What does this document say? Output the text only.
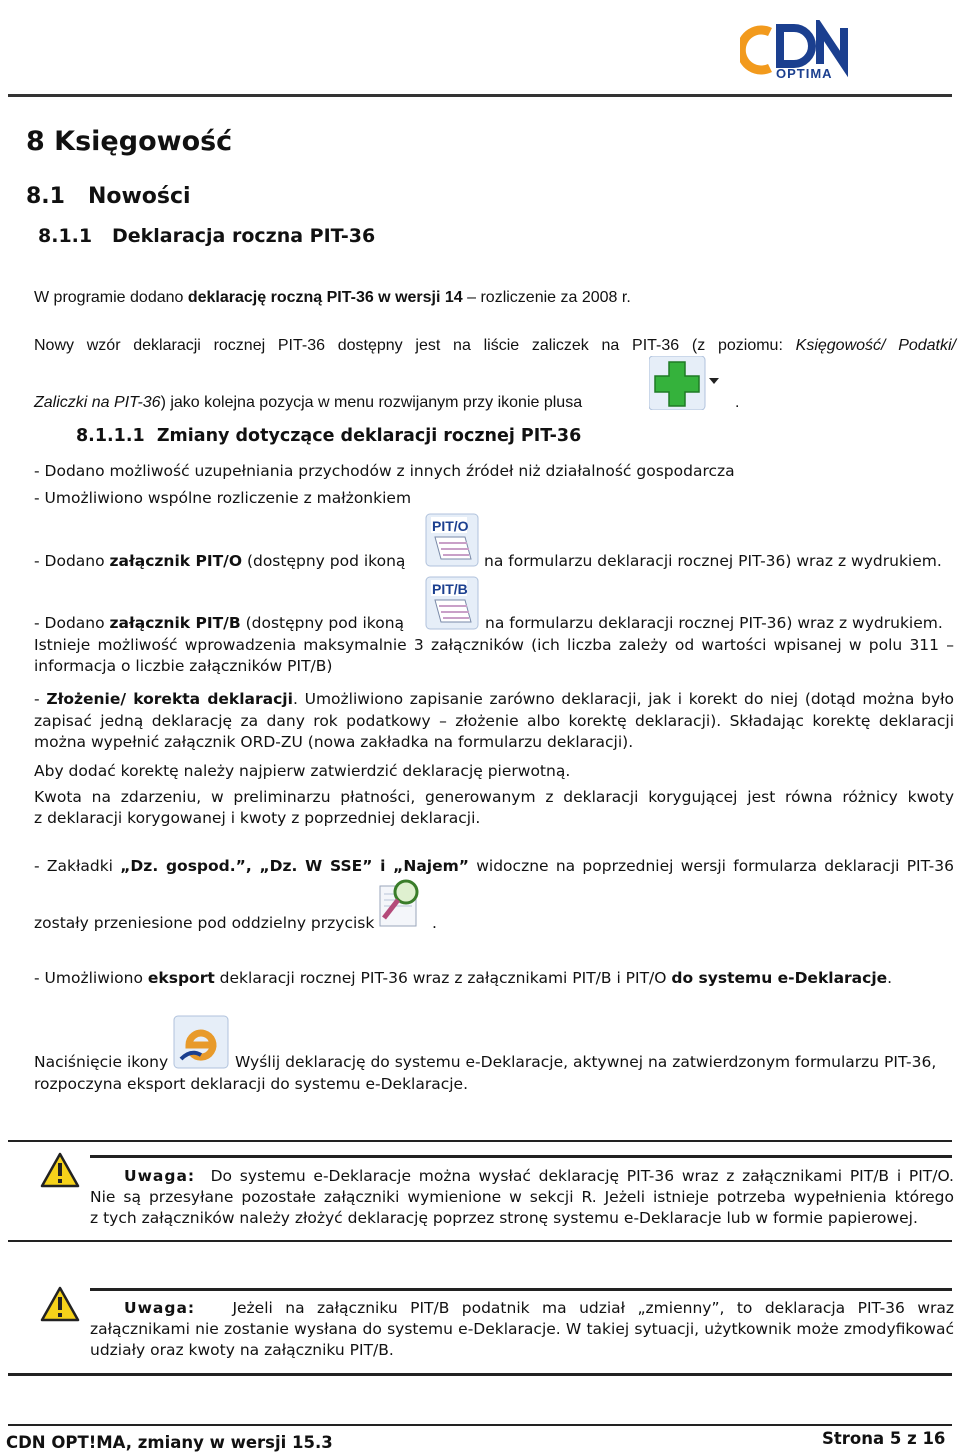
OPTIMA
8 Księgowość
8.1   Nowości
8.1.1   Deklaracja roczna PIT-36
W programie dodano deklarację roczną PIT-36 w wersji 14 – rozliczenie za 2008 r.
Nowy wzór deklaracji rocznej PIT-36 dostępny jest na liście zaliczek na PIT-36 (z poziomu: Księgowość/ Podatki/
Zaliczki na PIT-36) jako kolejna pozycja w menu rozwijanym przy ikonie plusa	.
8.1.1.1  Zmiany dotyczące deklaracji rocznej PIT-36
- Dodano możliwość uzupełniania przychodów z innych źródeł niż działalność gospodarcza
- Umożliwiono wspólne rozliczenie z małżonkiem
- Dodano załącznik PIT/O (dostępny pod ikoną
PIT/O
na formularzu deklaracji rocznej PIT-36) wraz z wydrukiem.
- Dodano załącznik PIT/B (dostępny pod ikoną
PIT/B
na formularzu deklaracji rocznej PIT-36) wraz z wydrukiem.
Istnieje możliwość wprowadzenia maksymalnie 3 załączników (ich liczba zależy od wartości wpisanej w polu 311 –
informacja o liczbie załączników PIT/B)
- Złożenie/ korekta deklaracji. Umożliwiono zapisanie zarówno deklaracji, jak i korekt do niej (dotąd można było
zapisać jedną deklarację za dany rok podatkowy – złożenie albo korektę deklaracji). Składając korektę deklaracji
można wypełnić załącznik ORD-ZU (nowa zakładka na formularzu deklaracji).
Aby dodać korektę należy najpierw zatwierdzić deklarację pierwotną.
Kwota na zdarzeniu, w preliminarzu płatności, generowanym z deklaracji korygującej jest równa różnicy kwoty
z deklaracji korygowanej i kwoty z poprzedniej deklaracji.
- Zakładki „Dz. gospod.”, „Dz. W SSE” i „Najem” widoczne na poprzedniej wersji formularza deklaracji PIT-36
zostały przeniesione pod oddzielny przycisk	.
- Umożliwiono eksport deklaracji rocznej PIT-36 wraz z załącznikami PIT/B i PIT/O do systemu e-Deklaracje.
Naciśnięcie ikony	Wyślij deklarację do systemu e-Deklaracje, aktywnej na zatwierdzonym formularzu PIT-36,
rozpoczyna eksport deklaracji do systemu e-Deklaracje.
Uwaga: Do systemu e-Deklaracje można wysłać deklarację PIT-36 wraz z załącznikami PIT/B i PIT/O.
Nie są przesyłane pozostałe załączniki wymienione w sekcji R. Jeżeli istnieje potrzeba wypełnienia którego
z tych załączników należy złożyć deklarację poprzez stronę systemu e-Deklaracje lub w formie papierowej.
Uwaga: Jeżeli na załączniku PIT/B podatnik ma udział „zmienny”, to deklaracja PIT-36 wraz
załącznikami nie zostanie wysłana do systemu e-Deklaracje. W takiej sytuacji, użytkownik może zmodyfikować
udziały oraz kwoty na załączniku PIT/B.
CDN OPT!MA, zmiany w wersji 15.3	Strona 5 z 16
